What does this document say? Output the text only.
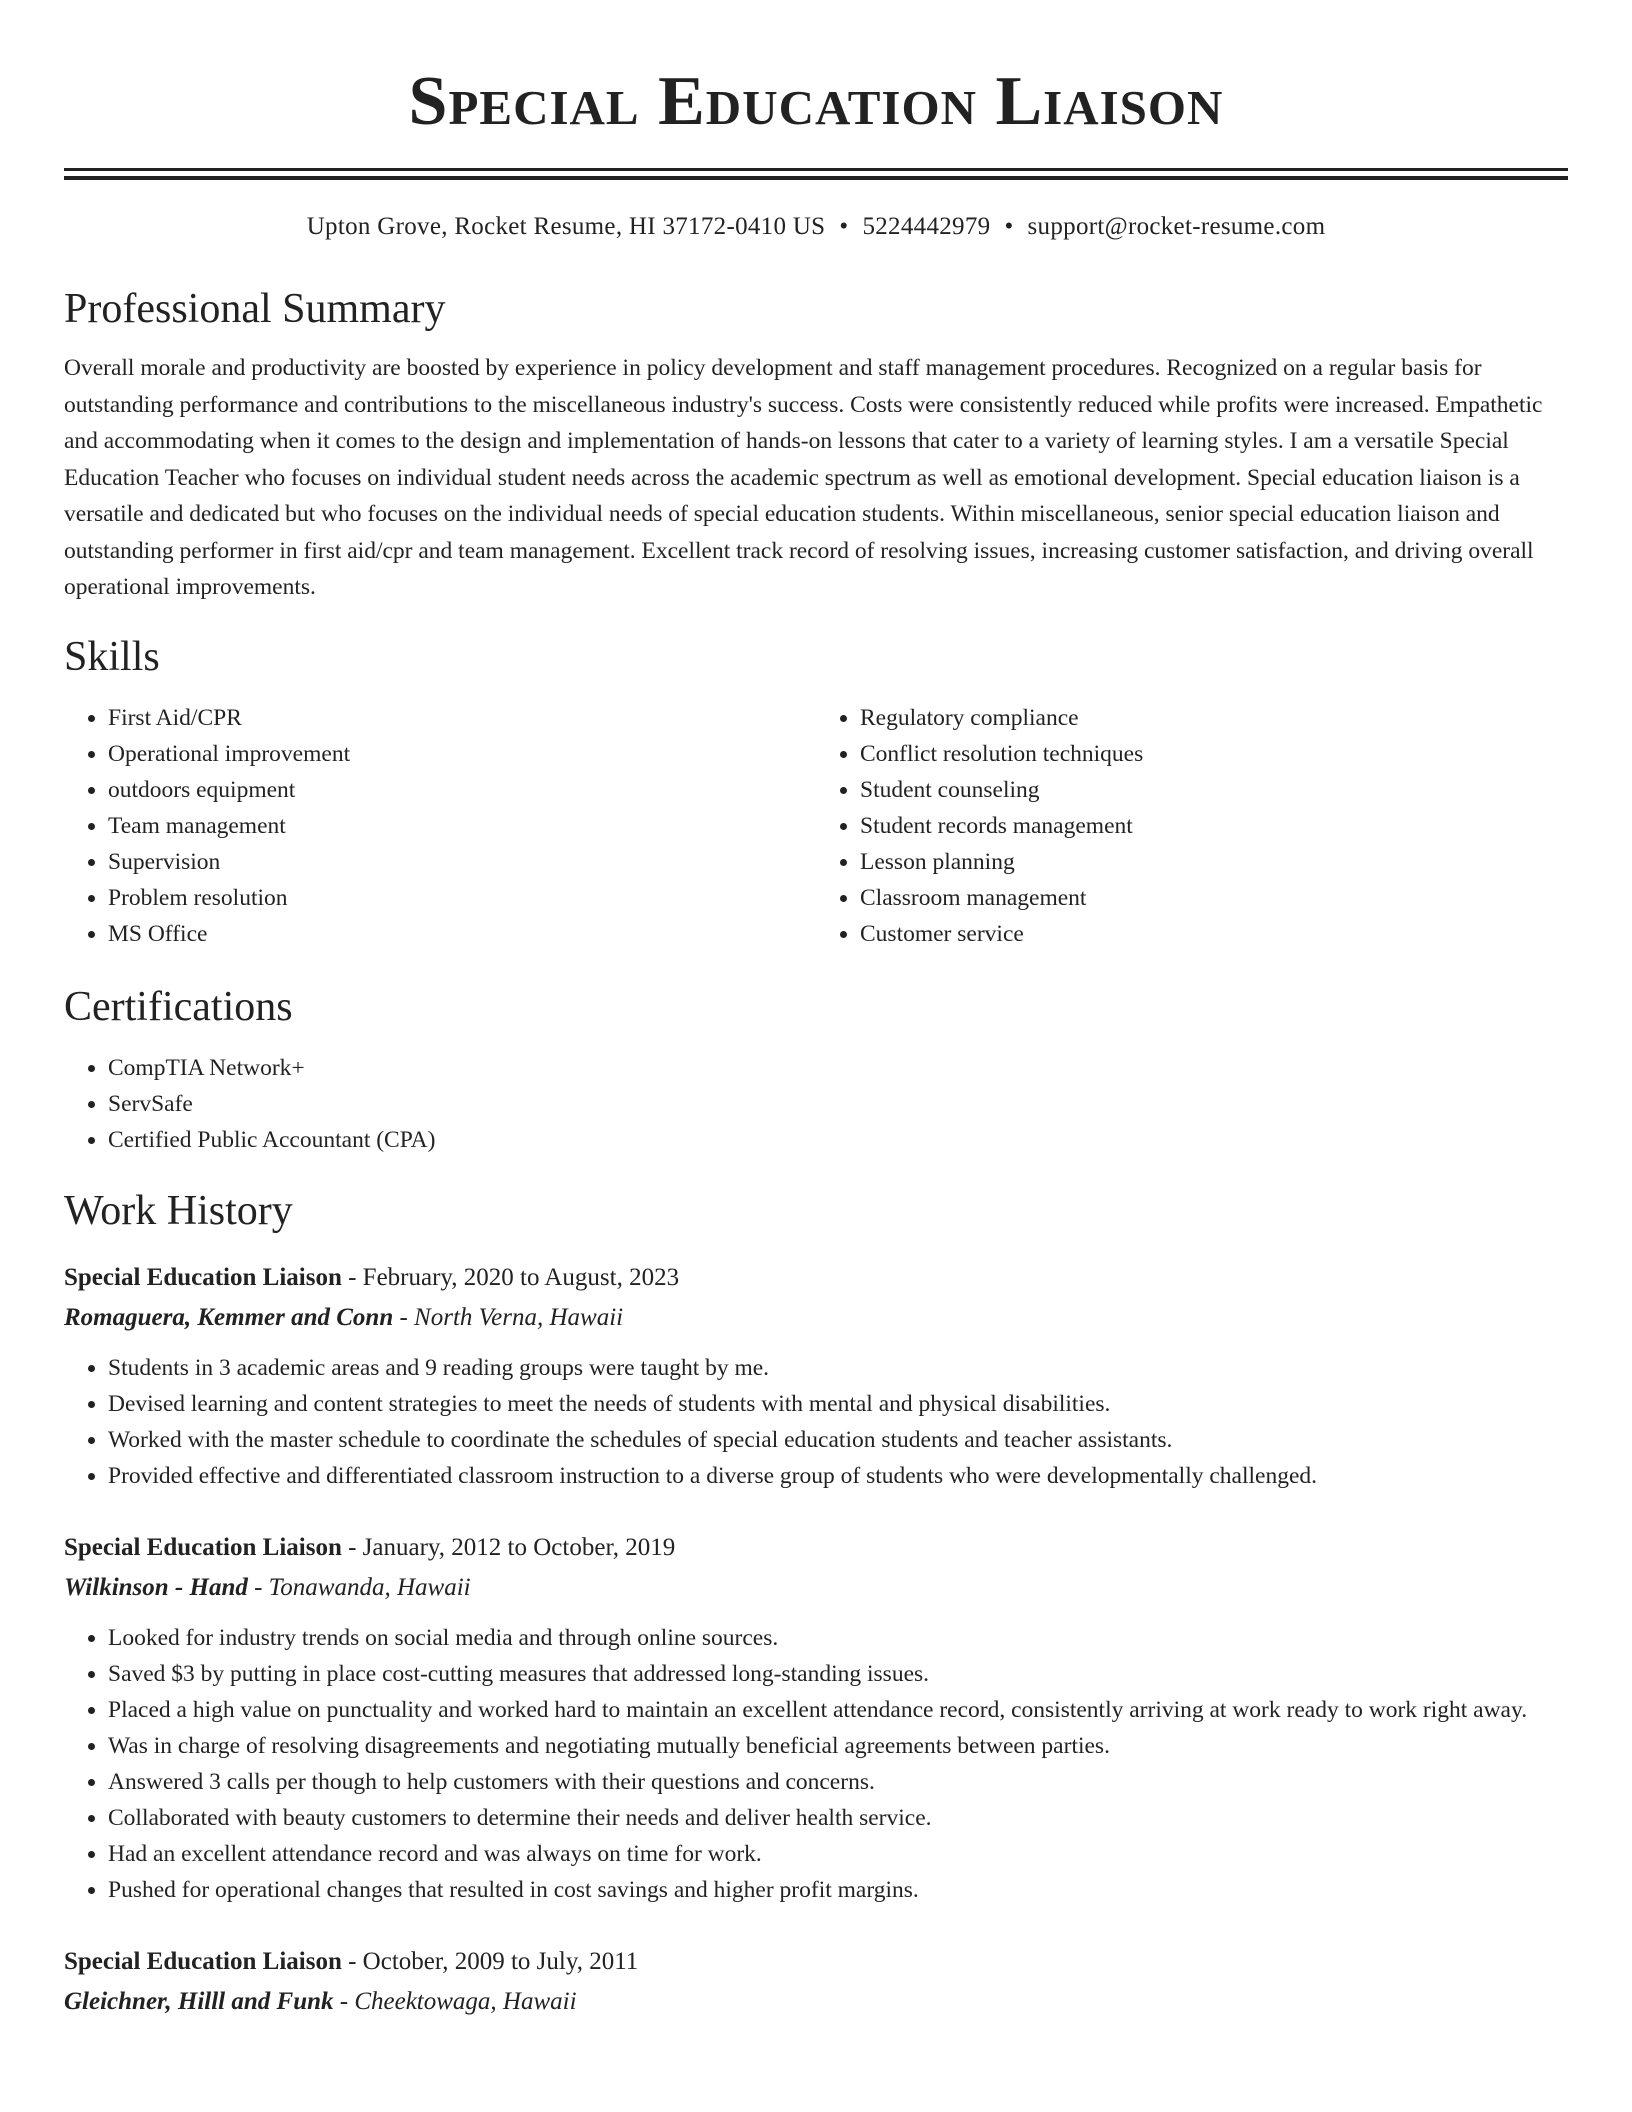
Special Education Liaison
Upton Grove, Rocket Resume, HI 37172-0410 US • 5224442979 • support@rocket-resume.com
Professional Summary

Overall morale and productivity are boosted by experience in policy development and staff management procedures. Recognized on a regular basis for outstanding performance and contributions to the miscellaneous industry's success. Costs were consistently reduced while profits were increased. Empathetic and accommodating when it comes to the design and implementation of hands-on lessons that cater to a variety of learning styles. I am a versatile Special Education Teacher who focuses on individual student needs across the academic spectrum as well as emotional development. Special education liaison is a versatile and dedicated but who focuses on the individual needs of special education students. Within miscellaneous, senior special education liaison and outstanding performer in first aid/cpr and team management. Excellent track record of resolving issues, increasing customer satisfaction, and driving overall operational improvements.

Skills
• First Aid/CPR
• Operational improvement
• outdoors equipment
• Team management
• Supervision
• Problem resolution
• MS Office
• Regulatory compliance
• Conflict resolution techniques
• Student counseling
• Student records management
• Lesson planning
• Classroom management
• Customer service
Certifications
• CompTIA Network+
• ServSafe
• Certified Public Accountant (CPA)
Work History
Special Education Liaison - February, 2020 to August, 2023
Romaguera, Kemmer and Conn - North Verna, Hawaii
• Students in 3 academic areas and 9 reading groups were taught by me.
• Devised learning and content strategies to meet the needs of students with mental and physical disabilities.
• Worked with the master schedule to coordinate the schedules of special education students and teacher assistants.
• Provided effective and differentiated classroom instruction to a diverse group of students who were developmentally challenged.
Special Education Liaison - January, 2012 to October, 2019
Wilkinson - Hand - Tonawanda, Hawaii
• Looked for industry trends on social media and through online sources.
• Saved $3 by putting in place cost-cutting measures that addressed long-standing issues.
• Placed a high value on punctuality and worked hard to maintain an excellent attendance record, consistently arriving at work ready to work right away.
• Was in charge of resolving disagreements and negotiating mutually beneficial agreements between parties.
• Answered 3 calls per though to help customers with their questions and concerns.
• Collaborated with beauty customers to determine their needs and deliver health service.
• Had an excellent attendance record and was always on time for work.
• Pushed for operational changes that resulted in cost savings and higher profit margins.
Special Education Liaison - October, 2009 to July, 2011
Gleichner, Hilll and Funk - Cheektowaga, Hawaii
